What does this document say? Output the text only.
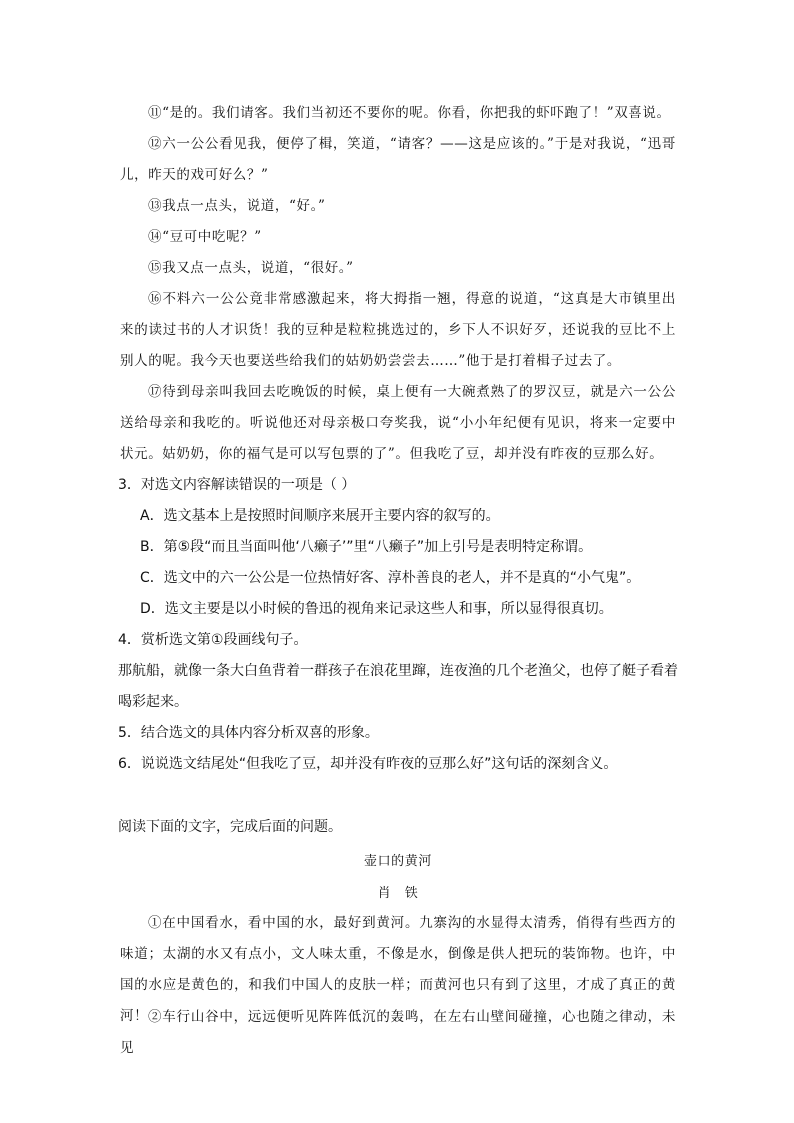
⑪“是的。我们请客。我们当初还不要你的呢。你看，你把我的虾吓跑了！”双喜说。

⑫六一公公看见我，便停了楫，笑道，“请客？——这是应该的。”于是对我说，“迅哥儿，昨天的戏可好么？”

⑬我点一点头，说道，“好。”

⑭“豆可中吃呢？”

⑮我又点一点头，说道，“很好。”

⑯不料六一公公竟非常感激起来，将大拇指一翘，得意的说道，“这真是大市镇里出来的读过书的人才识货！我的豆种是粒粒挑选过的，乡下人不识好歹，还说我的豆比不上别人的呢。我今天也要送些给我们的姑奶奶尝尝去……”他于是打着楫子过去了。

⑰待到母亲叫我回去吃晚饭的时候，桌上便有一大碗煮熟了的罗汉豆，就是六一公公送给母亲和我吃的。听说他还对母亲极口夸奖我，说“小小年纪便有见识，将来一定要中状元。姑奶奶，你的福气是可以写包票的了”。但我吃了豆，却并没有昨夜的豆那么好。

3．对选文内容解读错误的一项是（ ）

A．选文基本上是按照时间顺序来展开主要内容的叙写的。

B．第⑤段“而且当面叫他‘八癞子’”里“八癞子”加上引号是表明特定称谓。

C．选文中的六一公公是一位热情好客、淳朴善良的老人，并不是真的“小气鬼”。

D．选文主要是以小时候的鲁迅的视角来记录这些人和事，所以显得很真切。

4．赏析选文第①段画线句子。

那航船，就像一条大白鱼背着一群孩子在浪花里蹿，连夜渔的几个老渔父，也停了艇子看着

喝彩起来。

5．结合选文的具体内容分析双喜的形象。

6．说说选文结尾处“但我吃了豆，却并没有昨夜的豆那么好”这句话的深刻含义。

阅读下面的文字，完成后面的问题。

壶口的黄河

肖　铁

①在中国看水，看中国的水，最好到黄河。九寨沟的水显得太清秀，俏得有些西方的味道；太湖的水又有点小，文人味太重，不像是水，倒像是供人把玩的装饰物。也许，中国的水应是黄色的，和我们中国人的皮肤一样；而黄河也只有到了这里，才成了真正的黄河！ ②车行山谷中，远远便听见阵阵低沉的轰鸣，在左右山壁间碰撞，心也随之律动，未见
